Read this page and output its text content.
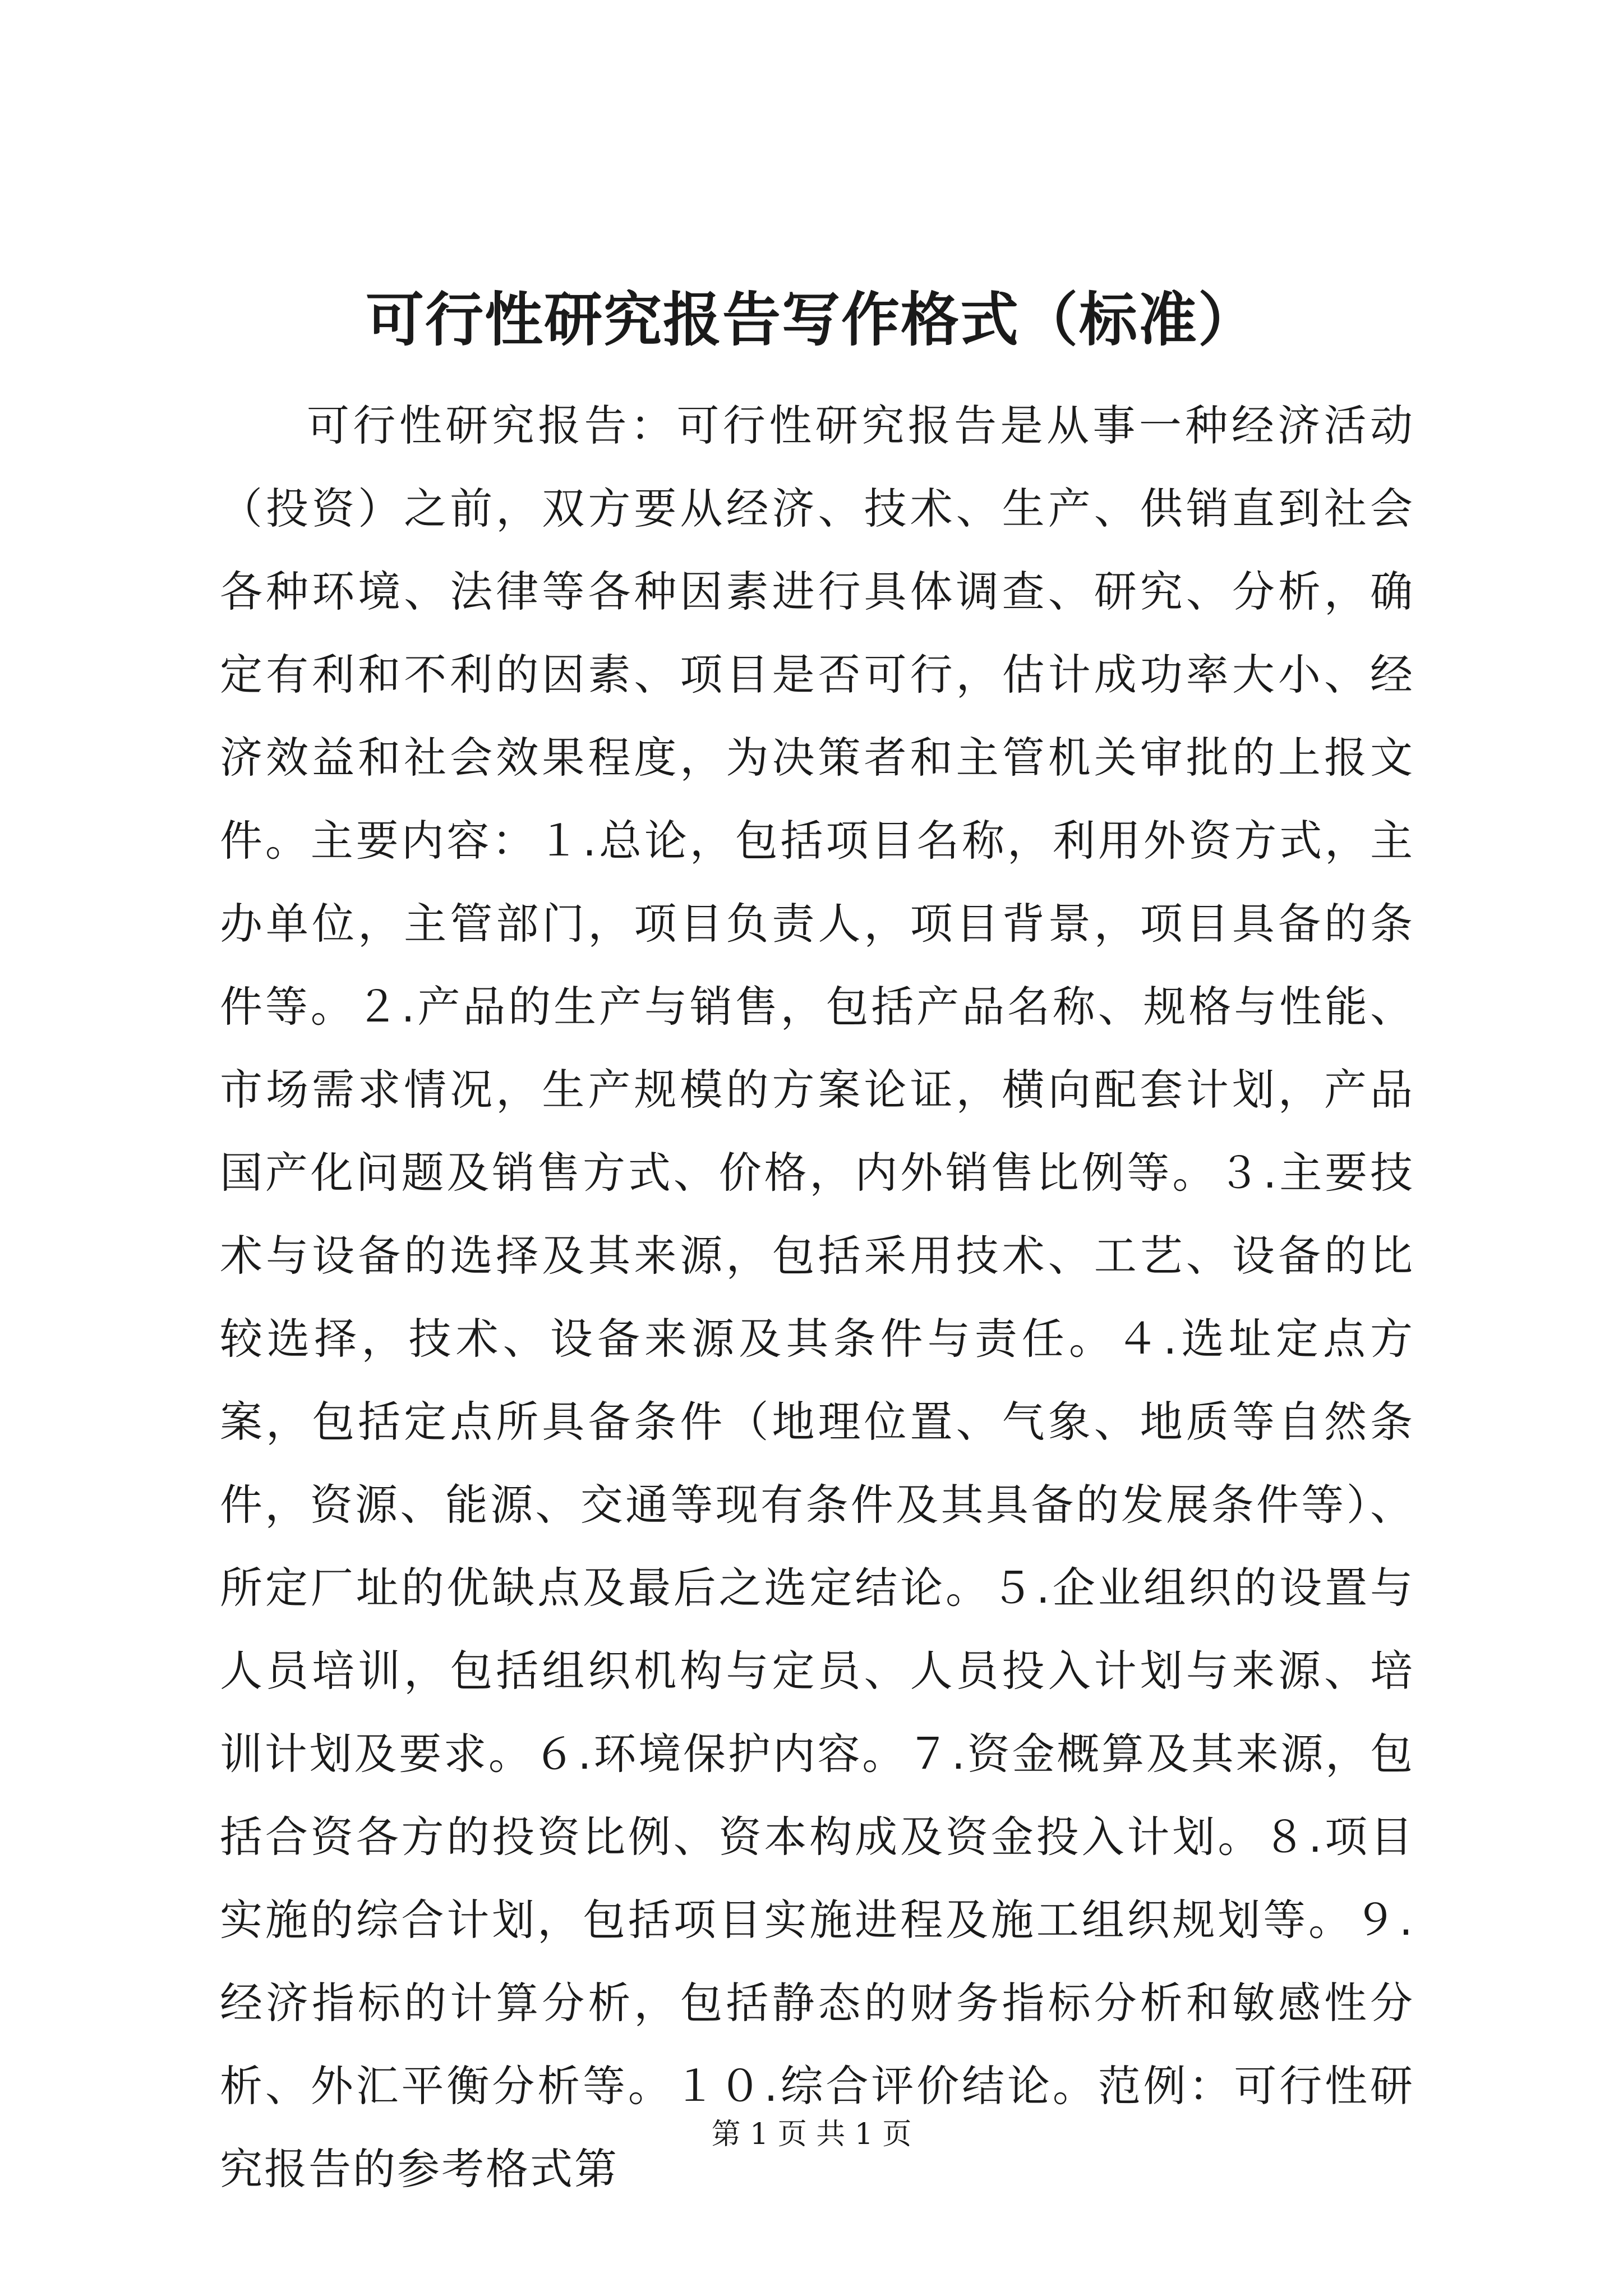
可行性研究报告写作格式（标准）

可行性研究报告：可行性研究报告是从事一种经济活动（投资）之前，双方要从经济、技术、生产、供销直到社会各种环境、法律等各种因素进行具体调查、研究、分析，确定有利和不利的因素、项目是否可行，估计成功率大小、经济效益和社会效果程度，为决策者和主管机关审批的上报文件。主要内容：１.总论，包括项目名称，利用外资方式，主办单位，主管部门，项目负责人，项目背景，项目具备的条件等。２.产品的生产与销售，包括产品名称、规格与性能、市场需求情况，生产规模的方案论证，横向配套计划，产品国产化问题及销售方式、价格，内外销售比例等。３.主要技术与设备的选择及其来源，包括采用技术、工艺、设备的比较选择，技术、设备来源及其条件与责任。４.选址定点方案，包括定点所具备条件（地理位置、气象、地质等自然条件，资源、能源、交通等现有条件及其具备的发展条件等）、所定厂址的优缺点及最后之选定结论。５.企业组织的设置与人员培训，包括组织机构与定员、人员投入计划与来源、培训计划及要求。６.环境保护内容。７.资金概算及其来源，包括合资各方的投资比例、资本构成及资金投入计划。８.项目实施的综合计划，包括项目实施进程及施工组织规划等。９.经济指标的计算分析，包括静态的财务指标分析和敏感性分析、外汇平衡分析等。１０.综合评价结论。范例：可行性研究报告的参考格式第

第 1 页 共 1 页
